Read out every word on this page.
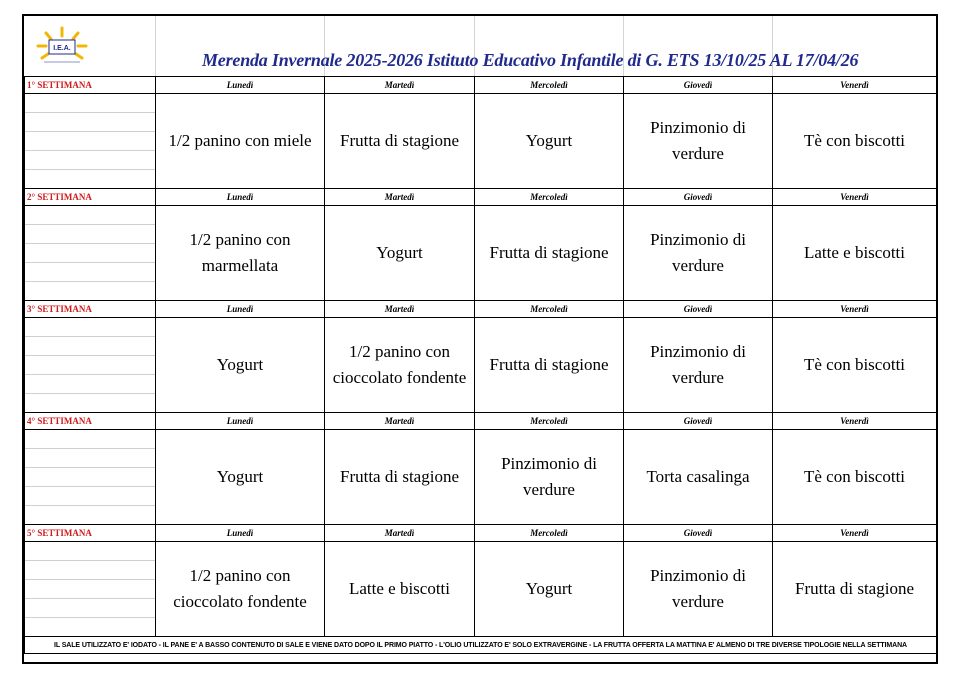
I.E.A.
Merenda Invernale 2025-2026 Istituto Educativo Infantile di G. ETS 13/10/25 AL 17/04/26
1° SETTIMANA	Lunedì	Martedì	Mercoledì	Giovedì	Venerdì

	1/2 panino con miele	Frutta di stagione	Yogurt	Pinzimonio di verdure	Tè con biscotti
2° SETTIMANA	Lunedì	Martedì	Mercoledì	Giovedì	Venerdì

	1/2 panino con marmellata	Yogurt	Frutta di stagione	Pinzimonio di verdure	Latte e biscotti
3° SETTIMANA	Lunedì	Martedì	Mercoledì	Giovedì	Venerdì

	Yogurt	1/2 panino con cioccolato fondente	Frutta di stagione	Pinzimonio di verdure	Tè con biscotti
4° SETTIMANA	Lunedì	Martedì	Mercoledì	Giovedì	Venerdì

	Yogurt	Frutta di stagione	Pinzimonio di verdure	Torta casalinga	Tè con biscotti
5° SETTIMANA	Lunedì	Martedì	Mercoledì	Giovedì	Venerdì

	1/2 panino con cioccolato fondente	Latte e biscotti	Yogurt	Pinzimonio di verdure	Frutta di stagione
IL SALE UTILIZZATO E' IODATO - IL PANE E' A BASSO CONTENUTO DI SALE E VIENE DATO DOPO IL PRIMO PIATTO - L'OLIO UTILIZZATO E' SOLO EXTRAVERGINE - LA FRUTTA OFFERTA LA MATTINA E' ALMENO DI TRE DIVERSE TIPOLOGIE NELLA SETTIMANA					
